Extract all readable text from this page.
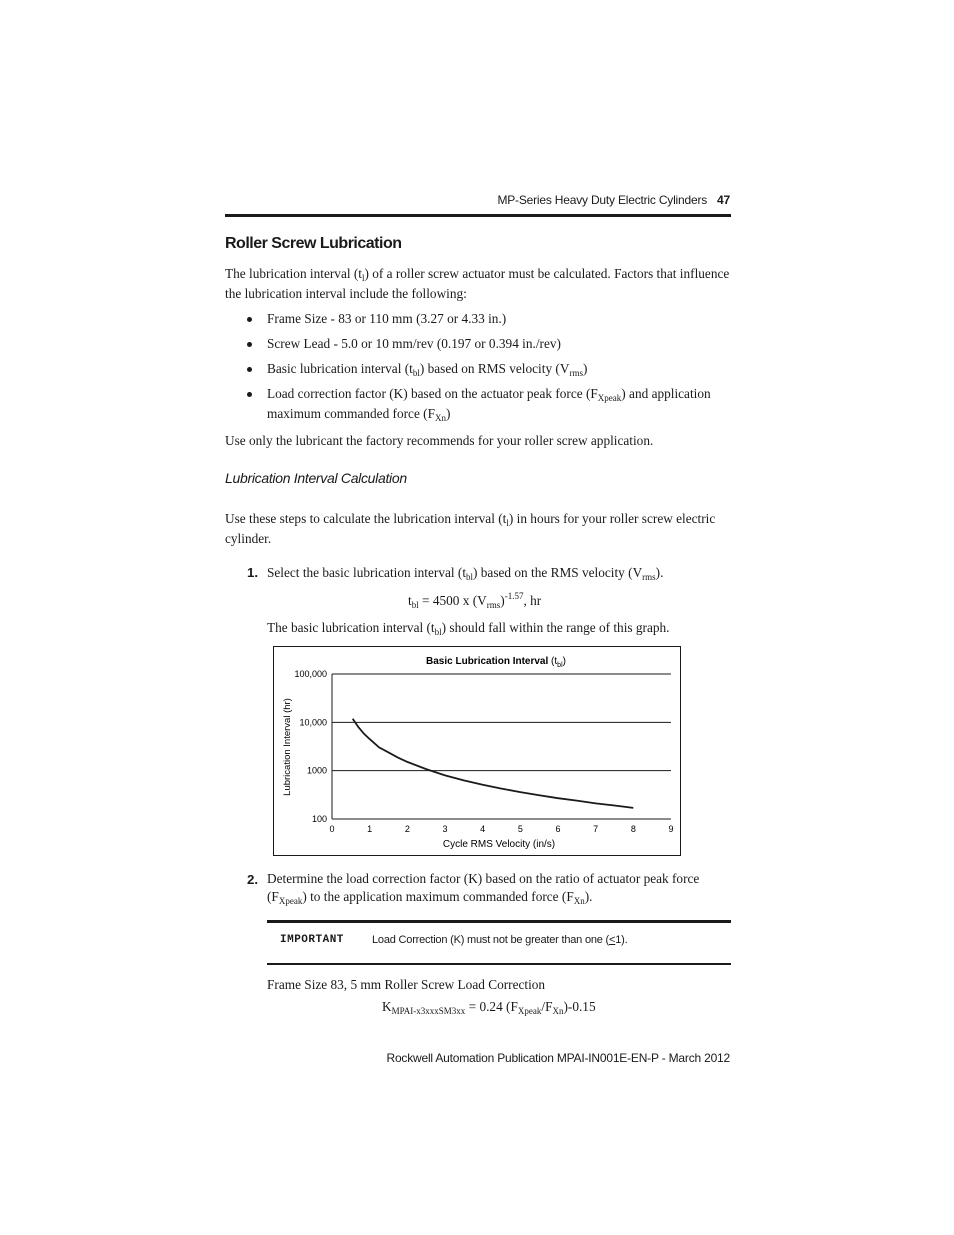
MP-Series Heavy Duty Electric Cylinders 47
Roller Screw Lubrication
The lubrication interval $(t_l)$ of a roller screw actuator must be calculated. Factors that influence the lubrication interval include the following:
Frame Size - 83 or 110 mm (3.27 or 4.33 in.)
Screw Lead - 5.0 or 10 mm/rev (0.197 or 0.394 in./rev)
Basic lubrication interval $(t_{bl})$ based on RMS velocity $(V_{rms})$
Load correction factor (K) based on the actuator peak force $(F_{Xpeak})$ and application maximum commanded force $(F_{Xn})$
Use only the lubricant the factory recommends for your roller screw application.
Lubrication Interval Calculation
Use these steps to calculate the lubrication interval $(t_l)$ in hours for your roller screw electric cylinder.
1. Select the basic lubrication interval $(t_{bl})$ based on the RMS velocity $(V_{rms})$.
$t_{bl} = 4500$ x $(V_{rms})^{-1.57}$, hr
The basic lubrication interval $(t_{bl})$ should fall within the range of this graph.
Basic Lubrication Interval $(t_{bl})$
100
1000
10,000
100,000
0	1	2	3	4	5	6	7	8	9
Cycle RMS Velocity (in/s)
Lubrication Interval (hr)
2. Determine the load correction factor (K) based on the ratio of actuator peak force $(F_{Xpeak})$ to the application maximum commanded force $(F_{Xn})$.
IMPORTANT	Load Correction (K) must not be greater than one (<1).
Frame Size 83, 5 mm Roller Screw Load Correction
$K_{MPAI-x3xxxSM3xx} = 0.24$ $(F_{Xpeak}/F_{Xn})-0.15$
Rockwell Automation Publication MPAI-IN001E-EN-P - March 2012
